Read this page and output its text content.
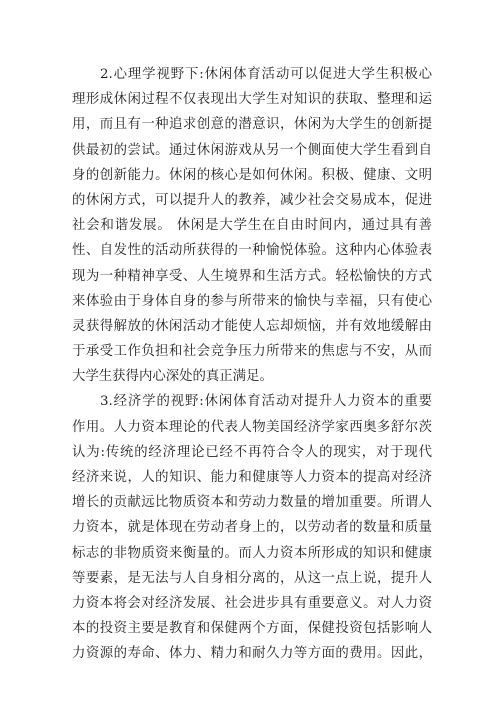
2.心理学视野下:休闲体育活动可以促进大学生积极心
理形成休闲过程不仅表现出大学生对知识的获取、整理和运
用，而且有一种追求创意的潜意识，休闲为大学生的创新提
供最初的尝试。通过休闲游戏从另一个侧面使大学生看到自
身的创新能力。休闲的核心是如何休闲。积极、健康、文明
的休闲方式，可以提升人的教养，减少社会交易成本，促进
社会和谐发展。 休闲是大学生在自由时间内，通过具有善
性、自发性的活动所获得的一种愉悦体验。这种内心体验表
现为一种精神享受、人生境界和生活方式。轻松愉快的方式
来体验由于身体自身的参与所带来的愉快与幸福，只有使心
灵获得解放的休闲活动才能使人忘却烦恼，并有效地缓解由
于承受工作负担和社会竞争压力所带来的焦虑与不安，从而
大学生获得内心深处的真正满足。
3.经济学的视野:休闲体育活动对提升人力资本的重要
作用。人力资本理论的代表人物美国经济学家西奥多舒尔茨
认为:传统的经济理论已经不再符合令人的现实，对于现代
经济来说，人的知识、能力和健康等人力资本的提高对经济
增长的贡献远比物质资本和劳动力数量的增加重要。所谓人
力资本，就是体现在劳动者身上的，以劳动者的数量和质量
标志的非物质资来衡量的。而人力资本所形成的知识和健康
等要素，是无法与人自身相分离的，从这一点上说，提升人
力资本将会对经济发展、社会进步具有重要意义。对人力资
本的投资主要是教育和保健两个方面，保健投资包括影响人
力资源的寿命、体力、精力和耐久力等方面的费用。因此，
